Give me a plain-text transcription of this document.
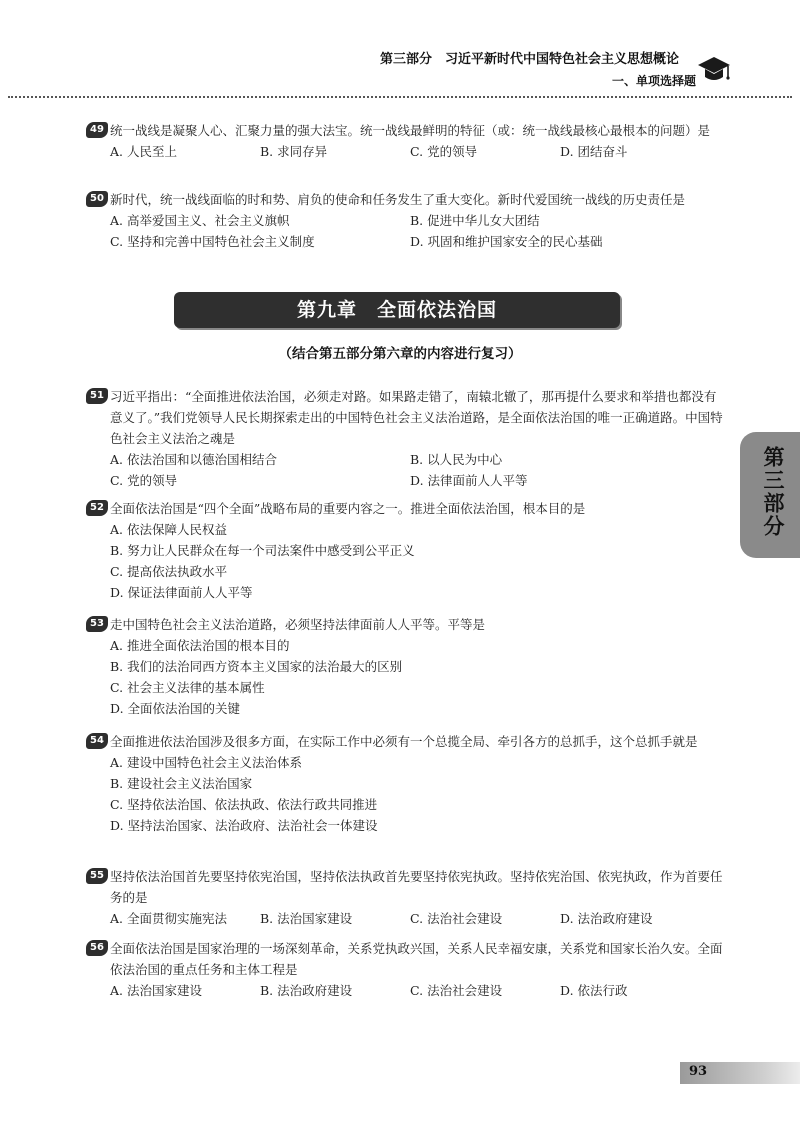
第三部分　习近平新时代中国特色社会主义思想概论
一、单项选择题
49 统一战线是凝聚人心、汇聚力量的强大法宝。统一战线最鲜明的特征（或：统一战线最核心最根本的问题）是
A. 人民至上	B. 求同存异	C. 党的领导	D. 团结奋斗
50 新时代，统一战线面临的时和势、肩负的使命和任务发生了重大变化。新时代爱国统一战线的历史责任是
A. 高举爱国主义、社会主义旗帜	B. 促进中华儿女大团结
C. 坚持和完善中国特色社会主义制度	D. 巩固和维护国家安全的民心基础
第九章　全面依法治国
（结合第五部分第六章的内容进行复习）
51 习近平指出：“全面推进依法治国，必须走对路。如果路走错了，南辕北辙了，那再提什么要求和举措也都没有意义了。”我们党领导人民长期探索走出的中国特色社会主义法治道路，是全面依法治国的唯一正确道路。中国特色社会主义法治之魂是
A. 依法治国和以德治国相结合	B. 以人民为中心
C. 党的领导	D. 法律面前人人平等
52 全面依法治国是“四个全面”战略布局的重要内容之一。推进全面依法治国，根本目的是
A. 依法保障人民权益
B. 努力让人民群众在每一个司法案件中感受到公平正义
C. 提高依法执政水平
D. 保证法律面前人人平等
53 走中国特色社会主义法治道路，必须坚持法律面前人人平等。平等是
A. 推进全面依法治国的根本目的
B. 我们的法治同西方资本主义国家的法治最大的区别
C. 社会主义法律的基本属性
D. 全面依法治国的关键
54 全面推进依法治国涉及很多方面，在实际工作中必须有一个总揽全局、牵引各方的总抓手，这个总抓手就是
A. 建设中国特色社会主义法治体系
B. 建设社会主义法治国家
C. 坚持依法治国、依法执政、依法行政共同推进
D. 坚持法治国家、法治政府、法治社会一体建设
55 坚持依法治国首先要坚持依宪治国，坚持依法执政首先要坚持依宪执政。坚持依宪治国、依宪执政，作为首要任务的是
A. 全面贯彻实施宪法	B. 法治国家建设	C. 法治社会建设	D. 法治政府建设
56 全面依法治国是国家治理的一场深刻革命，关系党执政兴国，关系人民幸福安康，关系党和国家长治久安。全面依法治国的重点任务和主体工程是
A. 法治国家建设	B. 法治政府建设	C. 法治社会建设	D. 依法行政
第三部分
93
